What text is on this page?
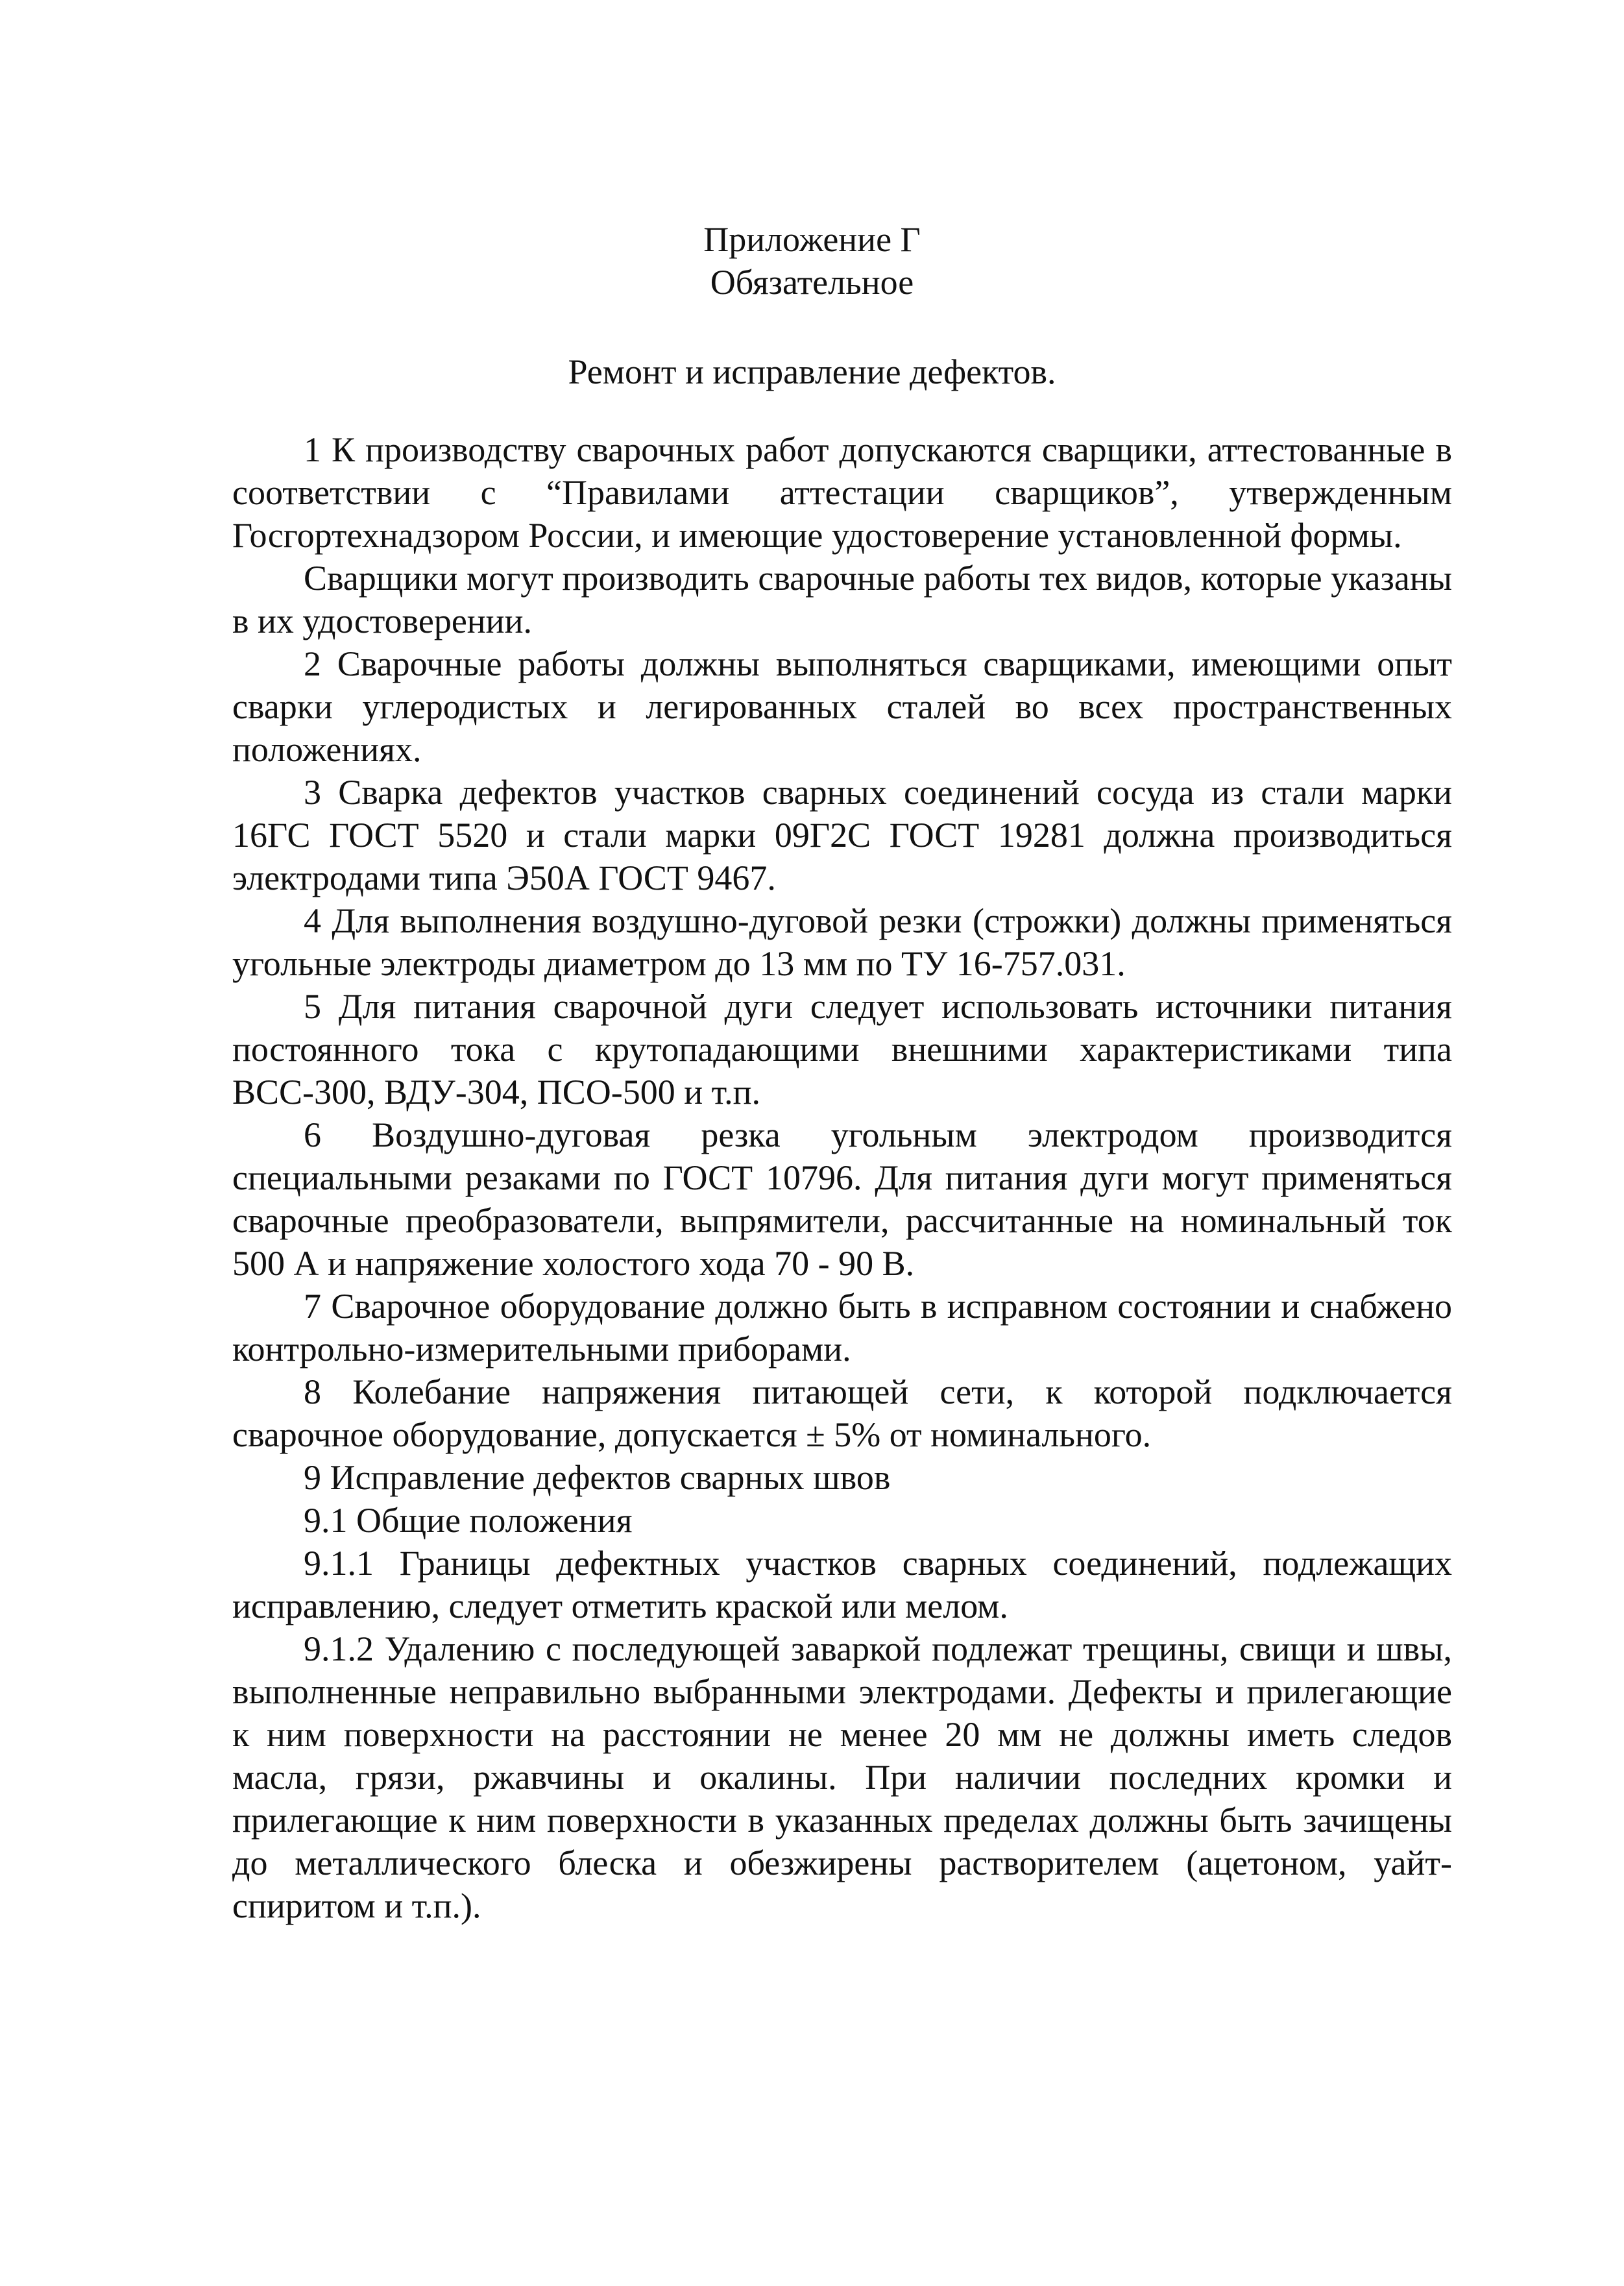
Приложение Г
Обязательное
Ремонт и исправление дефектов.

1 К производству сварочных работ допускаются сварщики, аттестованные в соответствии с “Правилами аттестации сварщиков”, утвержденным Госгортехнадзором России, и имеющие удостоверение установленной формы.

Сварщики могут производить сварочные работы тех видов, которые указаны в их удостоверении.

2 Сварочные работы должны выполняться сварщиками, имеющими опыт сварки углеродистых и легированных сталей во всех пространственных положениях.

3 Сварка дефектов участков сварных соединений сосуда из стали марки 16ГС ГОСТ 5520 и стали марки 09Г2С ГОСТ 19281 должна производиться электродами типа Э50А ГОСТ 9467.

4 Для выполнения воздушно-дуговой резки (строжки) должны применяться угольные электроды диаметром до 13 мм по ТУ 16-757.031.

5 Для питания сварочной дуги следует использовать источники питания постоянного тока с крутопадающими внешними характеристиками типа ВСС-300, ВДУ-304, ПСО-500 и т.п.

6 Воздушно-дуговая резка угольным электродом производится специальными резаками по ГОСТ 10796. Для питания дуги могут применяться сварочные преобразователи, выпрямители, рассчитанные на номинальный ток 500 А и напряжение холостого хода 70 - 90 В.

7 Сварочное оборудование должно быть в исправном состоянии и снабжено контрольно-измерительными приборами.

8 Колебание напряжения питающей сети, к которой подключается сварочное оборудование, допускается ± 5% от номинального.

9 Исправление дефектов сварных швов

9.1 Общие положения

9.1.1 Границы дефектных участков сварных соединений, подлежащих исправлению, следует отметить краской или мелом.

9.1.2 Удалению с последующей заваркой подлежат трещины, свищи и швы, выполненные неправильно выбранными электродами. Дефекты и прилегающие к ним поверхности на расстоянии не менее 20 мм не должны иметь следов масла, грязи, ржавчины и окалины. При наличии последних кромки и прилегающие к ним поверхности в указанных пределах должны быть зачищены до металлического блеска и обезжирены растворителем (ацетоном, уайт-спиритом и т.п.).
